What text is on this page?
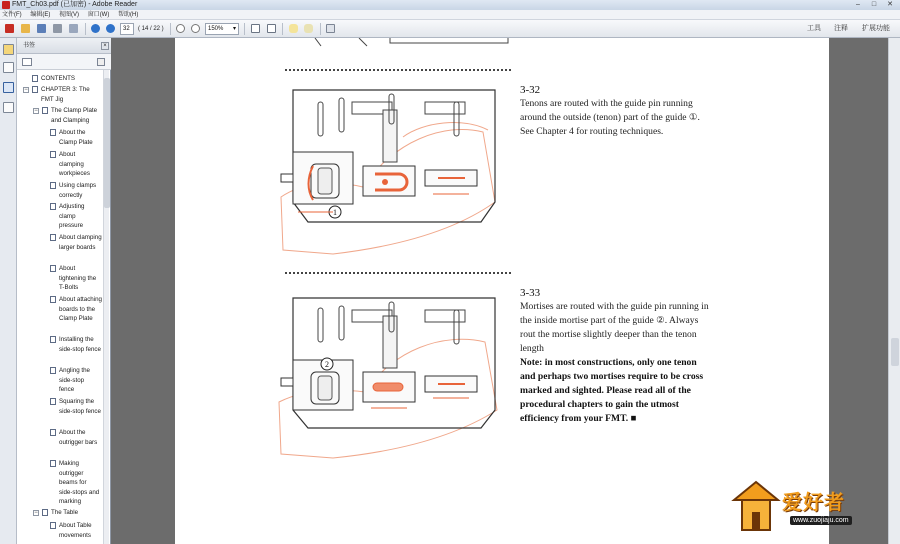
FMT_Ch03.pdf (已加密) - Adobe Reader	–	□	✕
文件(F) 编辑(E) 视图(V) 窗口(W) 帮助(H)
32	( 14 / 22 )	150% ▾	工具 注释 扩展功能
书签	×
CONTENTS
− CHAPTER 3: The FMT Jig
− The Clamp Plate and Clamping
About the Clamp Plate
About clamping workpieces
Using clamps correctly
Adjusting clamp pressure
About clamping larger boards
About tightening the T-Bolts
About attaching boards to the Clamp Plate
Installing the side-stop fence
Angling the side-stop fence
Squaring the side-stop fence
About the outrigger bars
Making outrigger beams for side-stops and marking
− The Table
About Table movements
1
3-32
Tenons are routed with the guide pin running around the outside (tenon) part of the guide ①. See Chapter 4 for routing techniques.
2
3-33
Mortises are routed with the guide pin running in the inside mortise part of the guide ②. Always rout the mortise slightly deeper than the tenon length
Note: in most constructions, only one tenon and perhaps two mortises require to be cross marked and sighted. Please read all of the procedural chapters to gain the utmost efficiency from your FMT. ■
爱好者
www.zuojiaju.com
